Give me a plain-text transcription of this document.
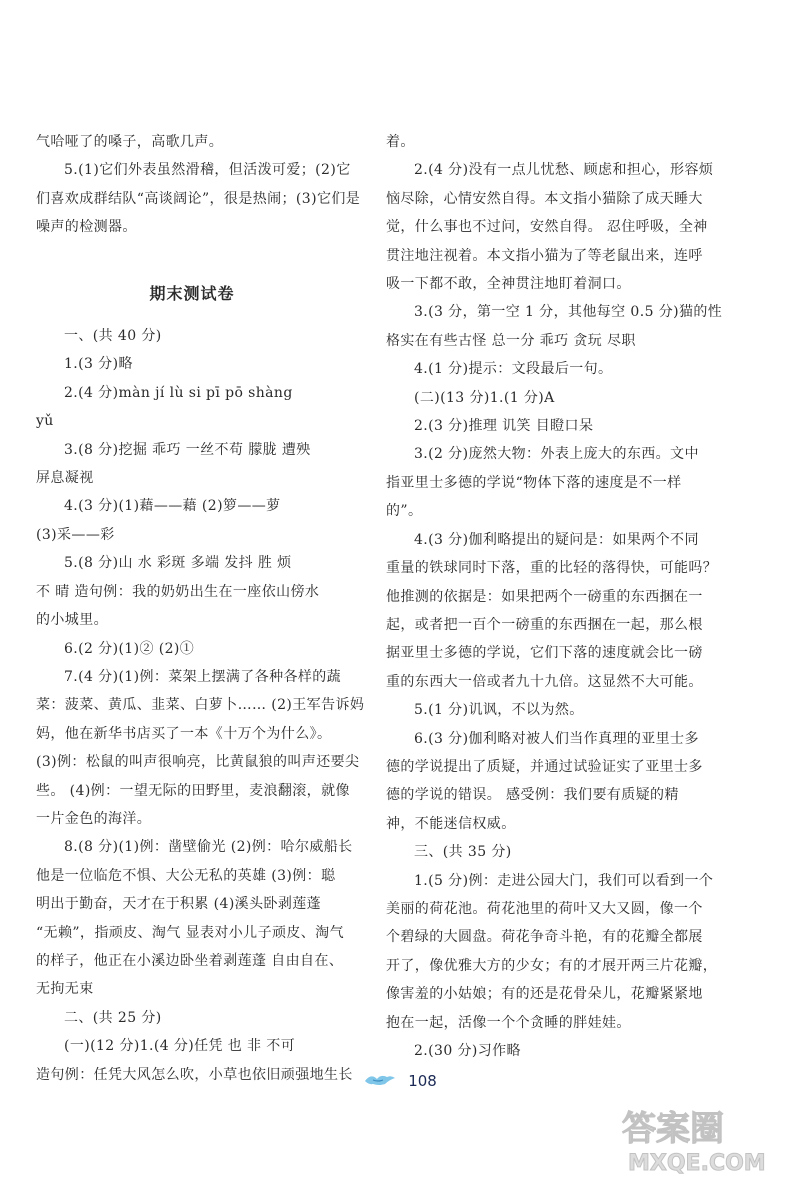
气哈哑了的嗓子，高歌几声。
5.(1)它们外表虽然滑稽，但活泼可爱；(2)它
们喜欢成群结队“高谈阔论”，很是热闹；(3)它们是
噪声的检测器。
期末测试卷
一、(共 40 分)
1.(3 分)略
2.(4 分)màn jí lù si pī pō shàng
yǔ
3.(8 分)挖掘 乖巧 一丝不苟 朦胧 遭殃
屏息凝视
4.(3 分)(1)藉——藉 (2)箩——萝
(3)采——彩
5.(8 分)山 水 彩斑 多端 发抖 胜 烦
不 晴 造句例：我的奶奶出生在一座依山傍水
的小城里。
6.(2 分)(1)② (2)①
7.(4 分)(1)例：菜架上摆满了各种各样的蔬
菜：菠菜、黄瓜、韭菜、白萝卜…… (2)王军告诉妈
妈，他在新华书店买了一本《十万个为什么》。
(3)例：松鼠的叫声很响亮，比黄鼠狼的叫声还要尖
些。 (4)例：一望无际的田野里，麦浪翻滚，就像
一片金色的海洋。
8.(8 分)(1)例：凿壁偷光 (2)例：哈尔威船长
他是一位临危不惧、大公无私的英雄 (3)例：聪
明出于勤奋，天才在于积累 (4)溪头卧剥莲蓬
“无赖”，指顽皮、淘气 显表对小儿子顽皮、淘气
的样子，他正在小溪边卧坐着剥莲蓬 自由自在、
无拘无束
二、(共 25 分)
(一)(12 分)1.(4 分)任凭 也 非 不可
造句例：任凭大风怎么吹，小草也依旧顽强地生长
着。
2.(4 分)没有一点儿忧愁、顾虑和担心，形容烦
恼尽除，心情安然自得。本文指小猫除了成天睡大
觉，什么事也不过问，安然自得。 忍住呼吸，全神
贯注地注视着。本文指小猫为了等老鼠出来，连呼
吸一下都不敢，全神贯注地盯着洞口。
3.(3 分，第一空 1 分，其他每空 0.5 分)猫的性
格实在有些古怪 总一分 乖巧 贪玩 尽职
4.(1 分)提示：文段最后一句。
(二)(13 分)1.(1 分)A
2.(3 分)推理 讥笑 目瞪口呆
3.(2 分)庞然大物：外表上庞大的东西。文中
指亚里士多德的学说“物体下落的速度是不一样
的”。
4.(3 分)伽利略提出的疑问是：如果两个不同
重量的铁球同时下落，重的比轻的落得快，可能吗？
他推测的依据是：如果把两个一磅重的东西捆在一
起，或者把一百个一磅重的东西捆在一起，那么根
据亚里士多德的学说，它们下落的速度就会比一磅
重的东西大一倍或者九十九倍。这显然不大可能。
5.(1 分)讥讽，不以为然。
6.(3 分)伽利略对被人们当作真理的亚里士多
德的学说提出了质疑，并通过试验证实了亚里士多
德的学说的错误。 感受例：我们要有质疑的精
神，不能迷信权威。
三、(共 35 分)
1.(5 分)例：走进公园大门，我们可以看到一个
美丽的荷花池。荷花池里的荷叶又大又圆，像一个
个碧绿的大圆盘。荷花争奇斗艳，有的花瓣全都展
开了，像优雅大方的少女；有的才展开两三片花瓣，
像害羞的小姑娘；有的还是花骨朵儿，花瓣紧紧地
抱在一起，活像一个个贪睡的胖娃娃。
2.(30 分)习作略
108
答案圈
MXQE.COM
